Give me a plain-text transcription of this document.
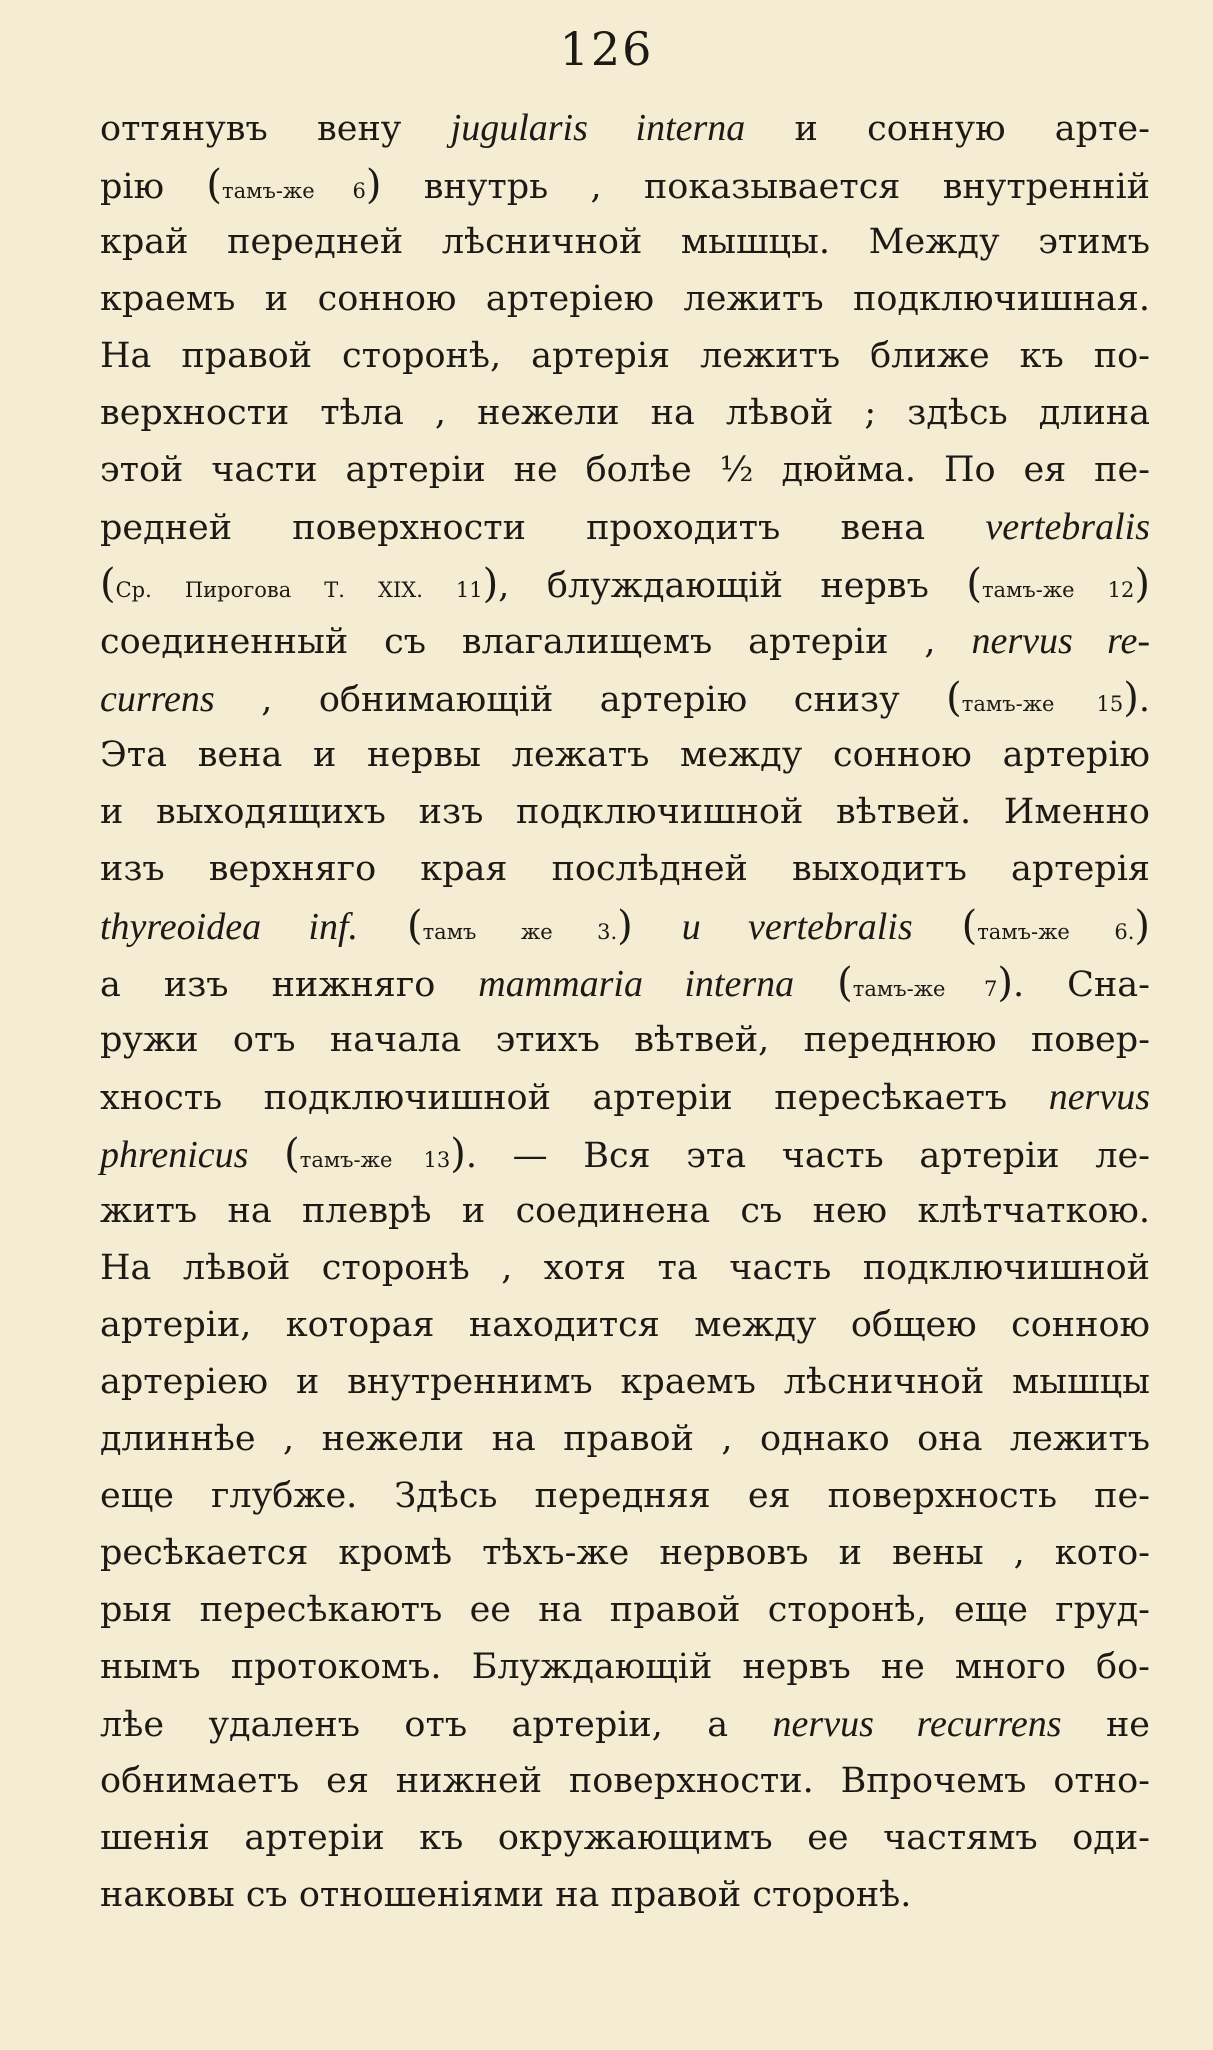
126
оттянувъ вену jugularis interna и сонную арте-
рію (тамъ-же 6) внутрь , показывается внутренній
край передней лѣсничной мышцы. Между этимъ
краемъ и сонною артеріею лежитъ подключишная.
На правой сторонѣ, артерія лежитъ ближе къ по-
верхности тѣла , нежели на лѣвой ; здѣсь длина
этой части артеріи не болѣе ½ дюйма. По ея пе-
редней поверхности проходитъ вена vertebralis
(Ср. Пирогова Т. XIX. 11), блуждающій нервъ (тамъ-же 12)
соединенный съ влагалищемъ артеріи , nervus re-
currens , обнимающій артерію снизу (тамъ-же 15).
Эта вена и нервы лежатъ между сонною артерію
и выходящихъ изъ подключишной вѣтвей. Именно
изъ верхняго края послѣдней выходитъ артерія
thyreoidea inf. (тамъ же 3.) и vertebralis (тамъ-же 6.)
а изъ нижняго mammaria interna (тамъ-же 7). Сна-
ружи отъ начала этихъ вѣтвей, переднюю повер-
хность подключишной артеріи пересѣкаетъ nervus
phrenicus (тамъ-же 13). — Вся эта часть артеріи ле-
житъ на плеврѣ и соединена съ нею клѣтчаткою.
На лѣвой сторонѣ , хотя та часть подключишной
артеріи, которая находится между общею сонною
артеріею и внутреннимъ краемъ лѣсничной мышцы
длиннѣе , нежели на правой , однако она лежитъ
еще глубже. Здѣсь передняя ея поверхность пе-
ресѣкается кромѣ тѣхъ-же нервовъ и вены , кото-
рыя пересѣкаютъ ее на правой сторонѣ, еще груд-
нымъ протокомъ. Блуждающій нервъ не много бо-
лѣе удаленъ отъ артеріи, а nervus recurrens не
обнимаетъ ея нижней поверхности. Впрочемъ отно-
шенія артеріи къ окружающимъ ее частямъ оди-
наковы съ отношеніями на правой сторонѣ.
